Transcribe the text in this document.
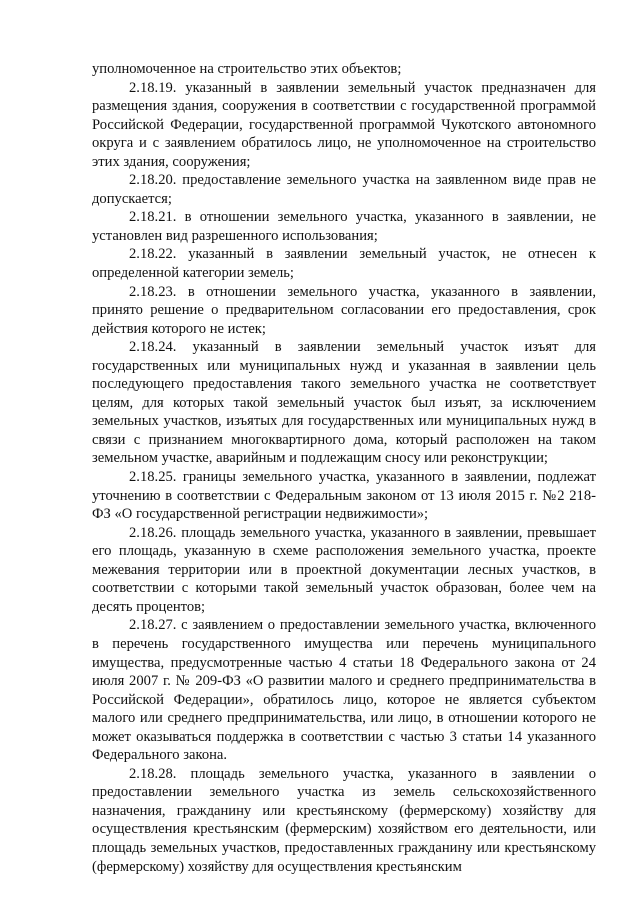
уполномоченное на строительство этих объектов;

2.18.19. указанный в заявлении земельный участок предназначен для размещения здания, сооружения в соответствии с государственной программой Российской Федерации, государственной программой Чукотского автономного округа и с заявлением обратилось лицо, не уполномоченное на строительство этих здания, сооружения;

2.18.20. предоставление земельного участка на заявленном виде прав не допускается;

2.18.21. в отношении земельного участка, указанного в заявлении, не установлен вид разрешенного использования;

2.18.22. указанный в заявлении земельный участок, не отнесен к определенной категории земель;

2.18.23. в отношении земельного участка, указанного в заявлении, принято решение о предварительном согласовании его предоставления, срок действия которого не истек;

2.18.24. указанный в заявлении земельный участок изъят для государственных или муниципальных нужд и указанная в заявлении цель последующего предоставления такого земельного участка не соответствует целям, для которых такой земельный участок был изъят, за исключением земельных участков, изъятых для государственных или муниципальных нужд в связи с признанием многоквартирного дома, который расположен на таком земельном участке, аварийным и подлежащим сносу или реконструкции;

2.18.25. границы земельного участка, указанного в заявлении, подлежат уточнению в соответствии с Федеральным законом от 13 июля 2015 г. №2 218-ФЗ «О государственной регистрации недвижимости»;

2.18.26. площадь земельного участка, указанного в заявлении, превышает его площадь, указанную в схеме расположения земельного участка, проекте межевания территории или в проектной документации лесных участков, в соответствии с которыми такой земельный участок образован, более чем на десять процентов;

2.18.27. с заявлением о предоставлении земельного участка, включенного в перечень государственного имущества или перечень муниципального имущества, предусмотренные частью 4 статьи 18 Федерального закона от 24 июля 2007 г. № 209-ФЗ «О развитии малого и среднего предпринимательства в Российской Федерации», обратилось лицо, которое не является субъектом малого или среднего предпринимательства, или лицо, в отношении которого не может оказываться поддержка в соответствии с частью 3 статьи 14 указанного Федерального закона.

2.18.28. площадь земельного участка, указанного в заявлении о предоставлении земельного участка из земель сельскохозяйственного назначения, гражданину или крестьянскому (фермерскому) хозяйству для осуществления крестьянским (фермерским) хозяйством его деятельности, или площадь земельных участков, предоставленных гражданину или крестьянскому (фермерскому) хозяйству для осуществления крестьянским
